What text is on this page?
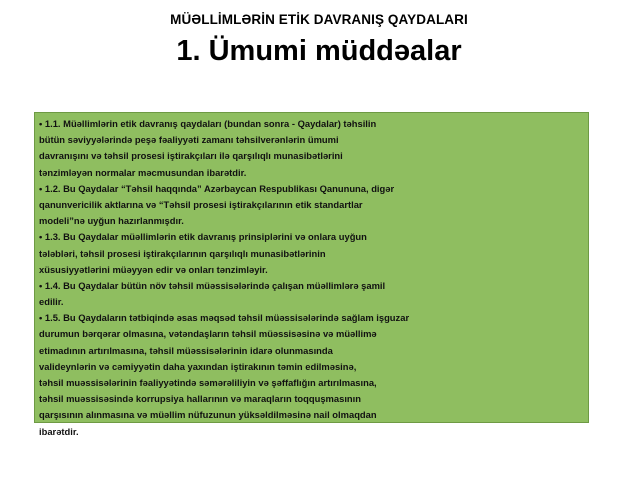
MÜƏLLİMLƏRİN ETİK DAVRANIŞ QAYDALARI
1. Ümumi müddəalar
• 1.1. Müəllimlərin etik davranış qaydaları (bundan sonra - Qaydalar) təhsilin
bütün səviyyələrində peşə fəaliyyəti zamanı təhsilverənlərin ümumi
davranışını və təhsil prosesi iştirakçıları ilə qarşılıqlı munasibətlərini
tənzimləyən normalar məcmusundan ibarətdir.
• 1.2. Bu Qaydalar “Təhsil haqqında” Azərbaycan Respublikası Qanununa, digər
qanunvericilik aktlarına və “Təhsil prosesi iştirakçılarının etik standartlar
modeli”nə uyğun hazırlanmışdır.
• 1.3. Bu Qaydalar müəllimlərin etik davranış prinsiplərini və onlara uyğun
tələbləri, təhsil prosesi iştirakçılarının qarşılıqlı munasibətlərinin
xüsusiyyətlərini müəyyən edir və onları tənzimləyir.
• 1.4. Bu Qaydalar bütün növ təhsil müəssisələrində çalışan müəllimlərə şamil
edilir.
• 1.5. Bu Qaydaların tətbiqində əsas məqsəd təhsil müəssisələrində sağlam işguzar
durumun bərqərar olmasına, vətəndaşların təhsil müəssisəsinə və müəllimə
etimadının artırılmasına, təhsil müəssisələrinin idarə olunmasında
valideynlərin və cəmiyyətin daha yaxından iştirakının təmin edilməsinə,
təhsil muəssisələrinin fəaliyyətində səmərəliliyin və şəffaflığın artırılmasına,
təhsil muəssisəsində korrupsiya hallarının və maraqların toqquşmasının
qarşısının alınmasına və müəllim nüfuzunun yüksəldilməsinə nail olmaqdan
ibarətdir.
